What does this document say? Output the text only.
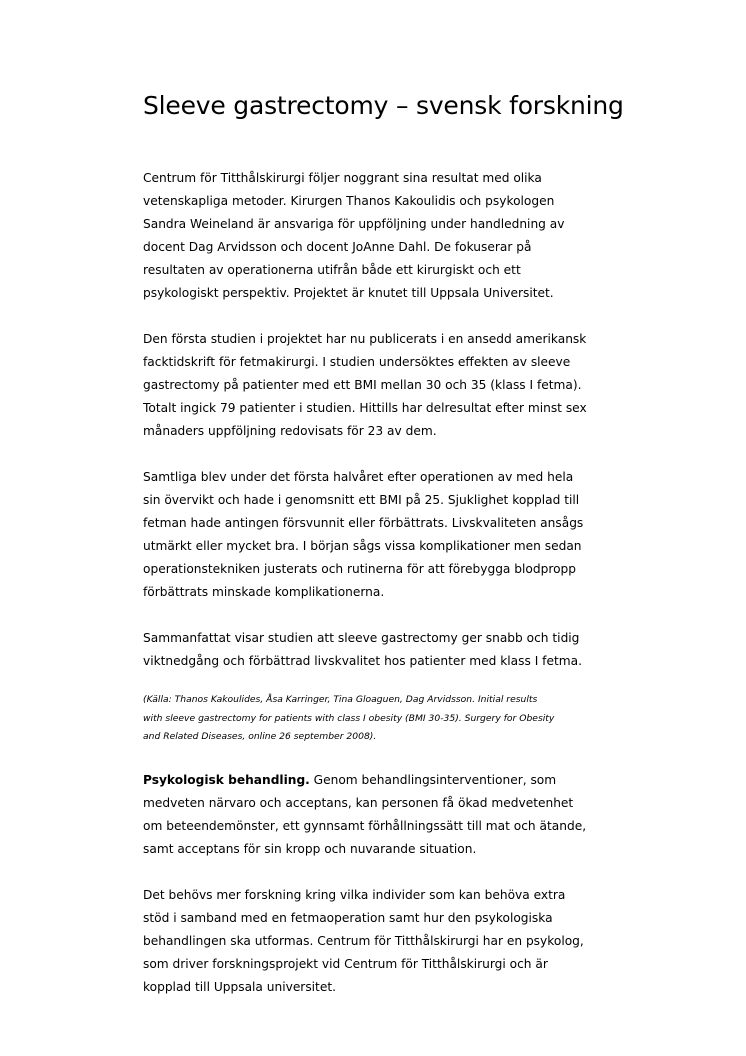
Sleeve gastrectomy – svensk forskning
Centrum för Titthålskirurgi följer noggrant sina resultat med olika
vetenskapliga metoder. Kirurgen Thanos Kakoulidis och psykologen
Sandra Weineland är ansvariga för uppföljning under handledning av
docent Dag Arvidsson och docent JoAnne Dahl. De fokuserar på
resultaten av operationerna utifrån både ett kirurgiskt och ett
psykologiskt perspektiv. Projektet är knutet till Uppsala Universitet.
Den första studien i projektet har nu publicerats i en ansedd amerikansk
facktidskrift för fetmakirurgi. I studien undersöktes effekten av sleeve
gastrectomy på patienter med ett BMI mellan 30 och 35 (klass I fetma).
Totalt ingick 79 patienter i studien. Hittills har delresultat efter minst sex
månaders uppföljning redovisats för 23 av dem.
Samtliga blev under det första halvåret efter operationen av med hela
sin övervikt och hade i genomsnitt ett BMI på 25. Sjuklighet kopplad till
fetman hade antingen försvunnit eller förbättrats. Livskvaliteten ansågs
utmärkt eller mycket bra. I början sågs vissa komplikationer men sedan
operationstekniken justerats och rutinerna för att förebygga blodpropp
förbättrats minskade komplikationerna.
Sammanfattat visar studien att sleeve gastrectomy ger snabb och tidig
viktnedgång och förbättrad livskvalitet hos patienter med klass I fetma.
(Källa: Thanos Kakoulides, Åsa Karringer, Tina Gloaguen, Dag Arvidsson. Initial results
with sleeve gastrectomy for patients with class I obesity (BMI 30-35). Surgery for Obesity
and Related Diseases, online 26 september 2008).
Psykologisk behandling. Genom behandlingsinterventioner, som
medveten närvaro och acceptans, kan personen få ökad medvetenhet
om beteendemönster, ett gynnsamt förhållningssätt till mat och ätande,
samt acceptans för sin kropp och nuvarande situation.
Det behövs mer forskning kring vilka individer som kan behöva extra
stöd i samband med en fetmaoperation samt hur den psykologiska
behandlingen ska utformas. Centrum för Titthålskirurgi har en psykolog,
som driver forskningsprojekt vid Centrum för Titthålskirurgi och är
kopplad till Uppsala universitet.
